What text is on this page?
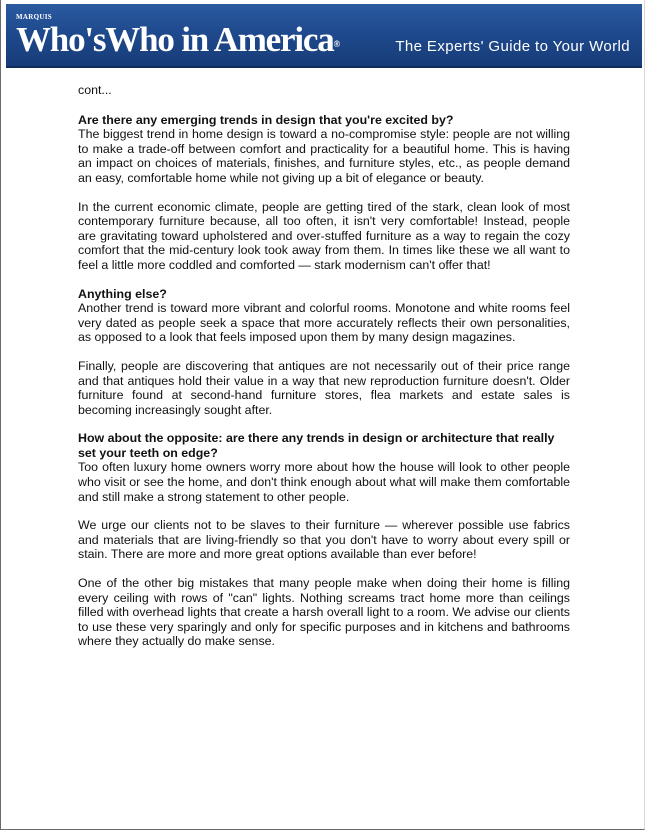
MARQUIS
Who'sWho in America®	The Experts' Guide to Your World

cont...

Are there any emerging trends in design that you're excited by?

The biggest trend in home design is toward a no-compromise style: people are not willing to make a trade-off between comfort and practicality for a beautiful home. This is having an impact on choices of materials, finishes, and furniture styles, etc., as people demand an easy, comfortable home while not giving up a bit of elegance or beauty.

In the current economic climate, people are getting tired of the stark, clean look of most contemporary furniture because, all too often, it isn't very comfortable! Instead, people are gravitating toward upholstered and over-stuffed furniture as a way to regain the cozy comfort that the mid-century look took away from them. In times like these we all want to feel a little more coddled and comforted — stark modernism can't offer that!

Anything else?

Another trend is toward more vibrant and colorful rooms. Monotone and white rooms feel very dated as people seek a space that more accurately reflects their own personalities, as opposed to a look that feels imposed upon them by many design magazines.

Finally, people are discovering that antiques are not necessarily out of their price range and that antiques hold their value in a way that new reproduction furniture doesn't. Older furniture found at second-hand furniture stores, flea markets and estate sales is becoming increasingly sought after.

How about the opposite: are there any trends in design or architecture that really set your teeth on edge?

Too often luxury home owners worry more about how the house will look to other people who visit or see the home, and don't think enough about what will make them comfortable and still make a strong statement to other people.

We urge our clients not to be slaves to their furniture — wherever possible use fabrics and materials that are living-friendly so that you don't have to worry about every spill or stain. There are more and more great options available than ever before!

One of the other big mistakes that many people make when doing their home is filling every ceiling with rows of "can" lights. Nothing screams tract home more than ceilings filled with overhead lights that create a harsh overall light to a room. We advise our clients to use these very sparingly and only for specific purposes and in kitchens and bathrooms where they actually do make sense.
